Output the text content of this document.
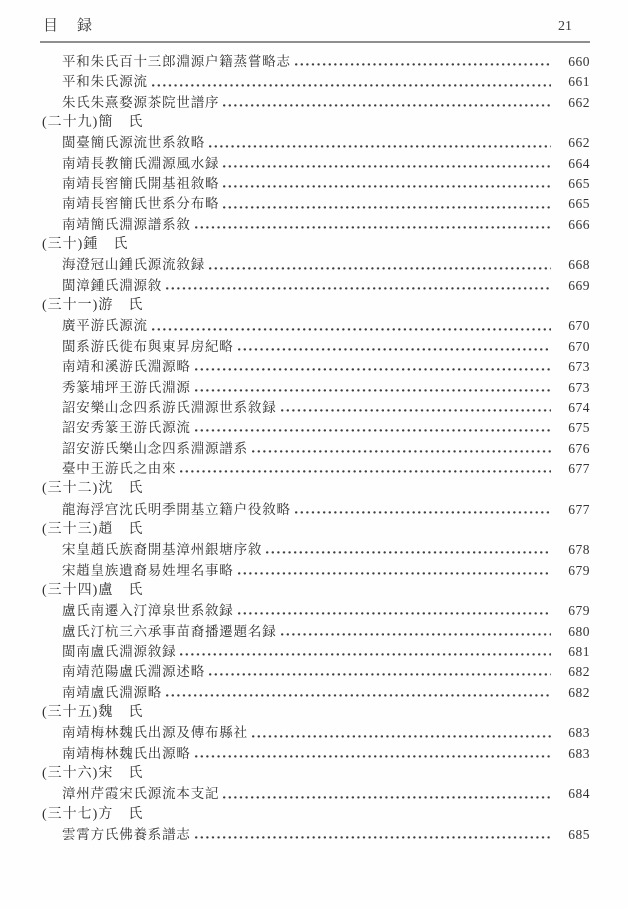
目　録	21
平和朱氏百十三郎淵源户籍蒸嘗略志	660
平和朱氏源流	661
朱氏朱熹婺源茶院世譜序	662
(二十九)簡　氏
閩臺簡氏源流世系敘略	662
南靖長教簡氏淵源風水録	664
南靖長窖簡氏開基祖敘略	665
南靖長窖簡氏世系分布略	665
南靖簡氏淵源譜系敘	666
(三十)鍾　氏
海澄冠山鍾氏源流敘録	668
閩漳鍾氏淵源敘	669
(三十一)游　氏
廣平游氏源流	670
閩系游氏徙布與東昇房紀略	670
南靖和溪游氏淵源略	673
秀篆埔坪王游氏淵源	673
詔安樂山念四系游氏淵源世系敘録	674
詔安秀篆王游氏源流	675
詔安游氏樂山念四系淵源譜系	676
臺中王游氏之由來	677
(三十二)沈　氏
龍海浮宫沈氏明季開基立籍户役敘略	677
(三十三)趙　氏
宋皇趙氏族裔開基漳州銀塘序敘	678
宋趙皇族遺裔易姓埋名事略	679
(三十四)盧　氏
盧氏南遷入汀漳泉世系敘録	679
盧氏汀杭三六承事苗裔播遷題名録	680
閩南盧氏淵源敘録	681
南靖范陽盧氏淵源述略	682
南靖盧氏淵源略	682
(三十五)魏　氏
南靖梅林魏氏出源及傳布縣社	683
南靖梅林魏氏出源略	683
(三十六)宋　氏
漳州芹霞宋氏源流本支記	684
(三十七)方　氏
雲霄方氏佛養系譜志	685
